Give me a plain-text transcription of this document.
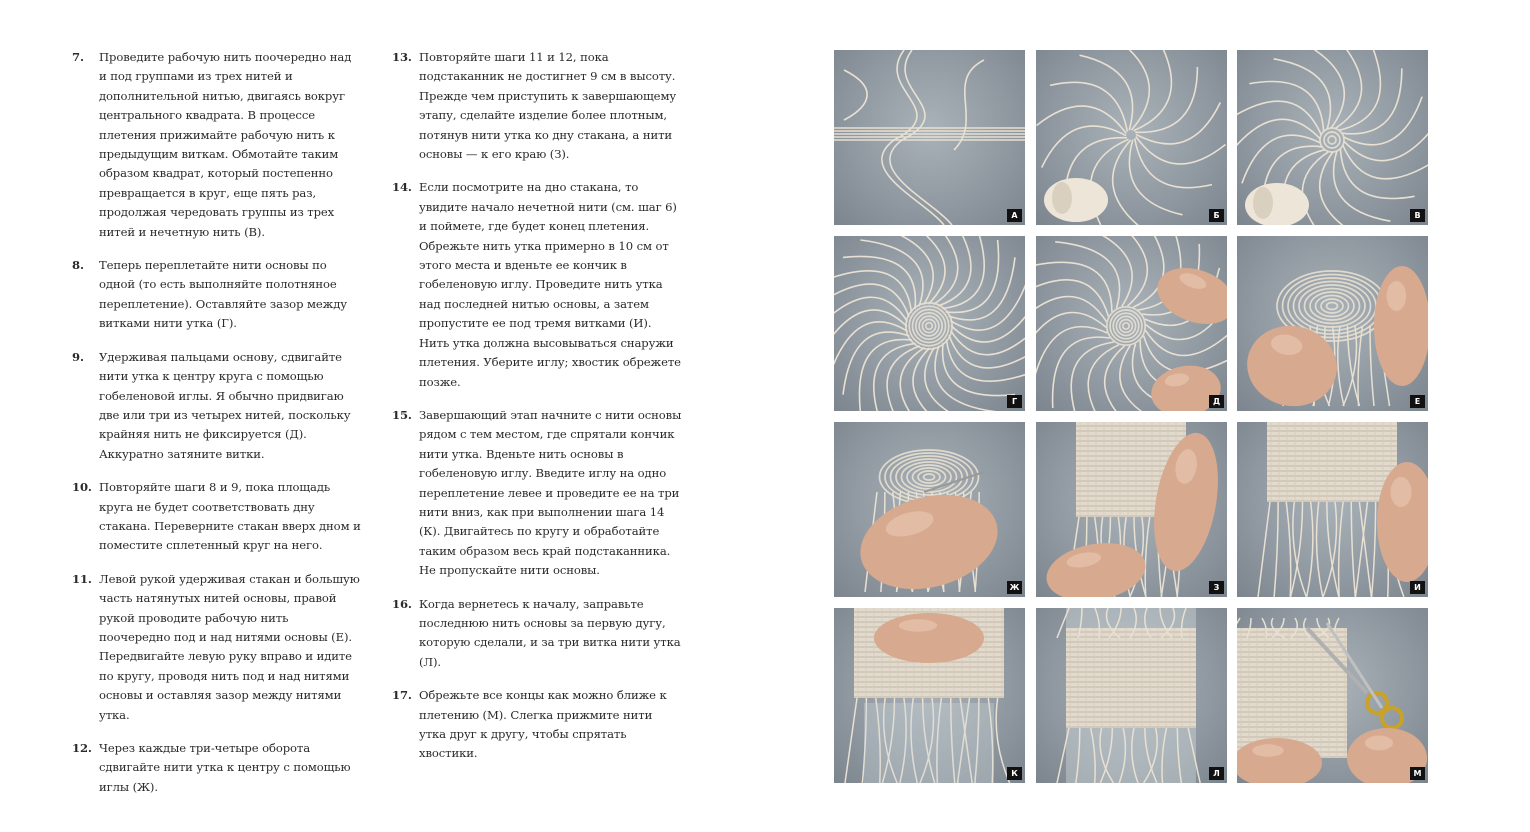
7.	Проведите рабочую нить поочередно над и под группами из трех нитей и дополнительной нитью, двигаясь вокруг центрального квадрата. В процессе плетения прижимайте рабочую нить к предыдущим виткам. Обмотайте таким образом квадрат, который постепенно превращается в круг, еще пять раз, продолжая чередовать группы из трех нитей и нечетную нить (В).
8.	Теперь переплетайте нити основы по одной (то есть выполняйте полотняное переплетение). Оставляйте зазор между витками нити утка (Г).
9.	Удерживая пальцами основу, сдвигайте нити утка к центру круга с помощью гобеленовой иглы. Я обычно придвигаю две или три из четырех нитей, поскольку крайняя нить не фиксируется (Д). Аккуратно затяните витки.
10. Повторяйте шаги 8 и 9, пока площадь круга не будет соответствовать дну стакана. Переверните стакан вверх дном и поместите сплетенный круг на него.
11. Левой рукой удерживая стакан и большую часть натянутых нитей основы, правой рукой проводите рабочую нить поочередно под и над нитями основы (Е). Передвигайте левую руку вправо и идите по кругу, проводя нить под и над нитями основы и оставляя зазор между нитями утка.
12. Через каждые три-четыре оборота сдвигайте нити утка к центру с помощью иглы (Ж).
13. Повторяйте шаги 11 и 12, пока подстаканник не достигнет 9 см в высоту. Прежде чем приступить к завершающему этапу, сделайте изделие более плотным, потянув нити утка ко дну стакана, а нити основы — к его краю (З).
14. Если посмотрите на дно стакана, то увидите начало нечетной нити (см. шаг 6) и поймете, где будет конец плетения. Обрежьте нить утка примерно в 10 см от этого места и вденьте ее кончик в гобеленовую иглу. Проведите нить утка над последней нитью основы, а затем пропустите ее под тремя витками (И). Нить утка должна высовываться снаружи плетения. Уберите иглу; хвостик обрежете позже.
15. Завершающий этап начните с нити основы рядом с тем местом, где спрятали кончик нити утка. Вденьте нить основы в гобеленовую иглу. Введите иглу на одно переплетение левее и проведите ее на три нити вниз, как при выполнении шага 14 (К). Двигайтесь по кругу и обработайте таким образом весь край подстаканника. Не пропускайте нити основы.
16. Когда вернетесь к началу, заправьте последнюю нить основы за первую дугу, которую сделали, и за три витка нити утка (Л).
17. Обрежьте все концы как можно ближе к плетению (М). Слегка прижмите нити утка друг к другу, чтобы спрятать хвостики.
А	Б	В
Г	Д	Е
Ж	З	И
К	Л	М
